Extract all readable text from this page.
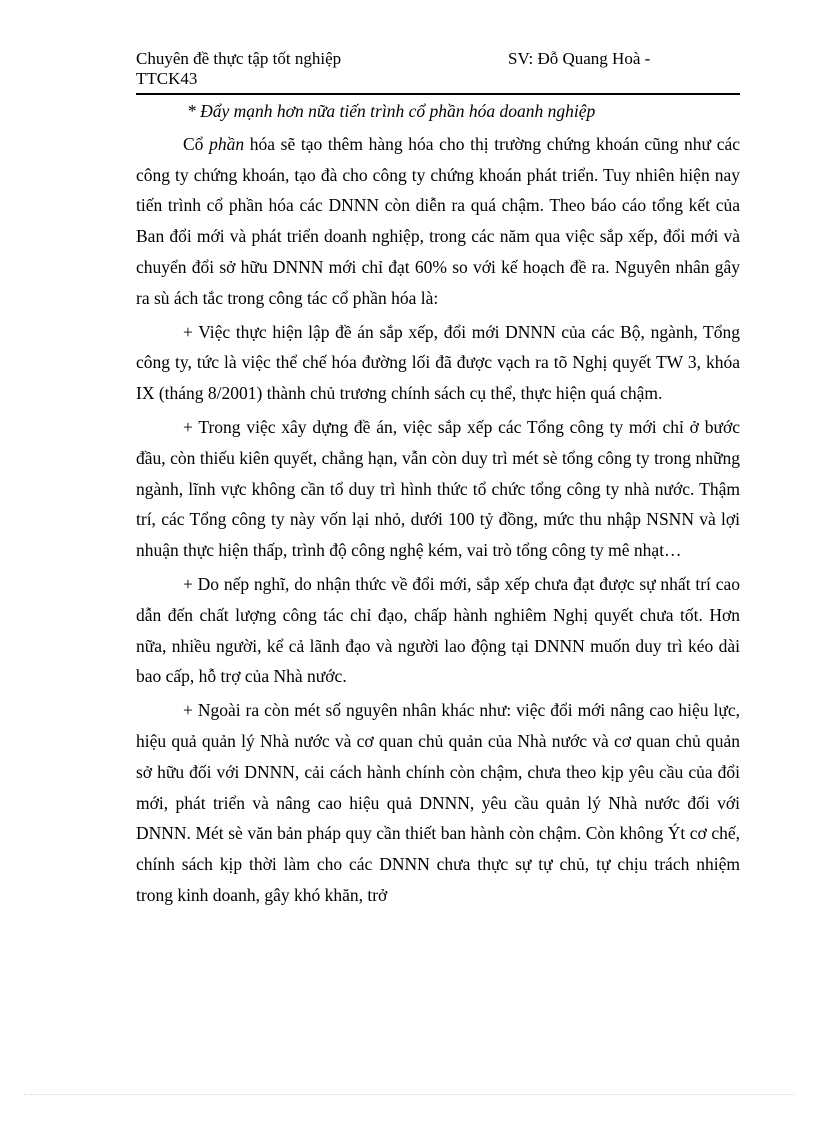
Chuyên đề thực tập tốt nghiệp	SV: Đỗ Quang Hoà -
TTCK43

* Đẩy mạnh hơn nữa tiến trình cổ phần hóa doanh nghiệp

Cổ phần hóa sẽ tạo thêm hàng hóa cho thị trường chứng khoán cũng như các công ty chứng khoán, tạo đà cho công ty chứng khoán phát triển. Tuy nhiên hiện nay tiến trình cổ phần hóa các DNNN còn diễn ra quá chậm. Theo báo cáo tổng kết của Ban đổi mới và phát triển doanh nghiệp, trong các năm qua việc sắp xếp, đổi mới và chuyển đổi sở hữu DNNN mới chỉ đạt 60% so với kế hoạch đề ra. Nguyên nhân gây ra sù ách tắc trong công tác cổ phần hóa là:

+ Việc thực hiện lập đề án sắp xếp, đổi mới DNNN của các Bộ, ngành, Tổng công ty, tức là việc thể chế hóa đường lối đã được vạch ra tõ Nghị quyết TW 3, khóa IX (tháng 8/2001) thành chủ trương chính sách cụ thể, thực hiện quá chậm.

+ Trong việc xây dựng đề án, việc sắp xếp các Tổng công ty mới chỉ ở bước đầu, còn thiếu kiên quyết, chẳng hạn, vẫn còn duy trì mét sè tổng công ty trong những ngành, lĩnh vực không cần tổ duy trì hình thức tổ chức tổng công ty nhà nước. Thậm trí, các Tổng công ty này vốn lại nhỏ, dưới 100 tỷ đồng, mức thu nhập NSNN và lợi nhuận thực hiện thấp, trình độ công nghệ kém, vai trò tổng công ty mê nhạt…

+ Do nếp nghĩ, do nhận thức về đổi mới, sắp xếp chưa đạt được sự nhất trí cao dẫn đến chất lượng công tác chỉ đạo, chấp hành nghiêm Nghị quyết chưa tốt. Hơn nữa, nhiều người, kể cả lãnh đạo và người lao động tại DNNN muốn duy trì kéo dài bao cấp, hỗ trợ của Nhà nước.

+ Ngoài ra còn mét số nguyên nhân khác như: việc đổi mới nâng cao hiệu lực, hiệu quả quản lý Nhà nước và cơ quan chủ quản của Nhà nước và cơ quan chủ quản sở hữu đối với DNNN, cải cách hành chính còn chậm, chưa theo kịp yêu cầu của đổi mới, phát triển và nâng cao hiệu quả DNNN, yêu cầu quản lý Nhà nước đối với DNNN. Mét sè văn bản pháp quy cần thiết ban hành còn chậm. Còn không Ýt cơ chế, chính sách kịp thời làm cho các DNNN chưa thực sự tự chủ, tự chịu trách nhiệm trong kinh doanh, gây khó khăn, trở
